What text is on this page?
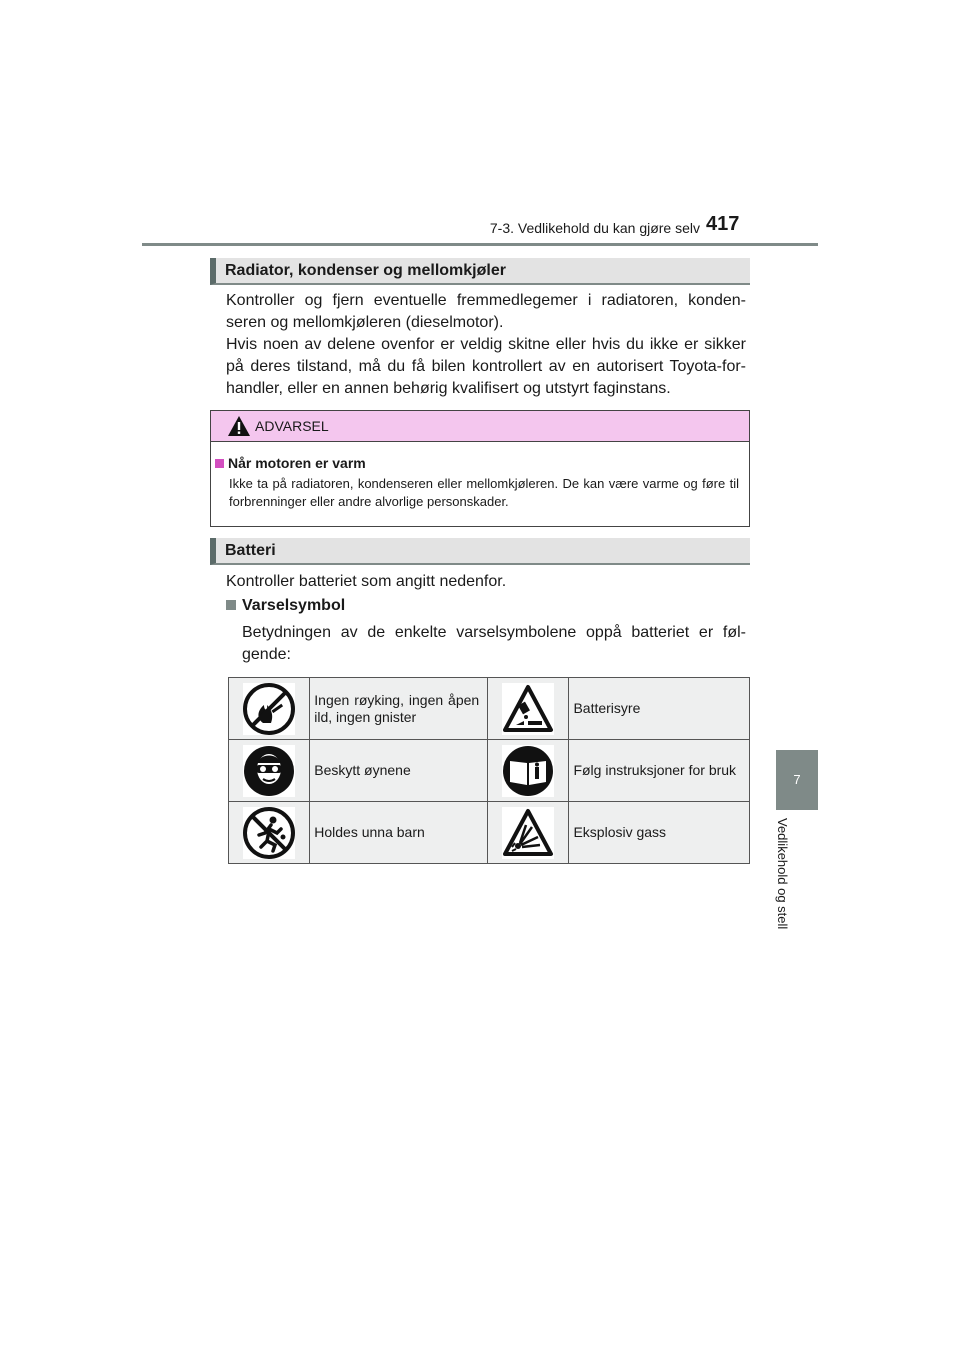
7-3. Vedlikehold du kan gjøre selv 417
7
Vedlikehold og stell
Radiator, kondenser og mellomkjøler

Kontroller og fjern eventuelle fremmedlegemer i radiatoren, konden-seren og mellomkjøleren (dieselmotor).

Hvis noen av delene ovenfor er veldig skitne eller hvis du ikke er sikker på deres tilstand, må du få bilen kontrollert av en autorisert Toyota-for-handler, eller en annen behørig kvalifisert og utstyrt faginstans.

ADVARSEL
Når motoren er varm
Ikke ta på radiatoren, kondenseren eller mellomkjøleren. De kan være varme og føre til forbrenninger eller andre alvorlige personskader.
Batteri
Kontroller batteriet som angitt nedenfor.
Varselsymbol
Betydningen av de enkelte varselsymbolene oppå batteriet er føl-gende:
	Ingen røyking, ingen åpen ild, ingen gnister		Batterisyre

	Beskytt øynene		Følg instruksjoner for bruk

	Holdes unna barn		Eksplosiv gass
